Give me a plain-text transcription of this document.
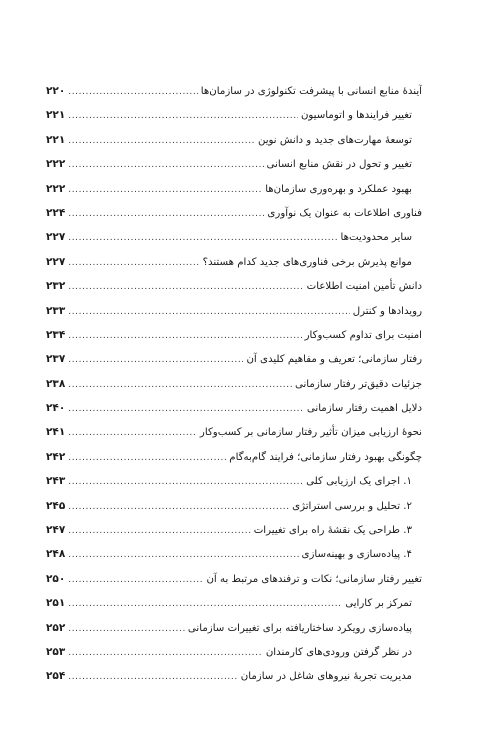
آیندۀ منابع انسانی با پیشرفت تکنولوژی در سازمان‌ها
.....
۲۲۰
تغییر فرایندها و اتوماسیون
.....
۲۲۱
توسعۀ مهارت‌های جدید و دانش نوین
.....
۲۲۱
تغییر و تحول در نقش منابع انسانی
.....
۲۲۲
بهبود عملکرد و بهره‌وری سازمان‌ها
.....
۲۲۲
فناوری اطلاعات به عنوان یک نوآوری
.....
۲۲۴
سایر محدودیت‌ها
.....
۲۲۷
موانع پذیرش برخی فناوری‌های جدید کدام هستند؟
.....
۲۲۷
دانش تأمین امنیت اطلاعات
.....
۲۳۲
رویدادها و کنترل
.....
۲۳۳
امنیت برای تداوم کسب‌وکار
.....
۲۳۴
رفتار سازمانی؛ تعریف و مفاهیم کلیدی آن
.....
۲۳۷
جزئیات دقیق‌تر رفتار سازمانی
.....
۲۳۸
دلایل اهمیت رفتار سازمانی
.....
۲۴۰
نحوۀ ارزیابی میزان تأثیر رفتار سازمانی بر کسب‌وکار
.....
۲۴۱
چگونگی بهبود رفتار سازمانی؛ فرایند گام‌به‌گام
.....
۲۴۲
۱. اجرای یک ارزیابی کلی
.....
۲۴۳
۲. تحلیل و بررسی استراتژی
.....
۲۴۵
۳. طراحی یک نقشۀ راه برای تغییرات
.....
۲۴۷
۴. پیاده‌سازی و بهینه‌سازی
.....
۲۴۸
تغییر رفتار سازمانی؛ نکات و ترفندهای مرتبط به آن
.....
۲۵۰
تمرکز بر کارایی
.....
۲۵۱
پیاده‌سازی رویکرد ساختاریافته برای تغییرات سازمانی
.....
۲۵۲
در نظر گرفتن ورودی‌های کارمندان
.....
۲۵۳
مدیریت تجربۀ نیروهای شاغل در سازمان
.....
۲۵۴
